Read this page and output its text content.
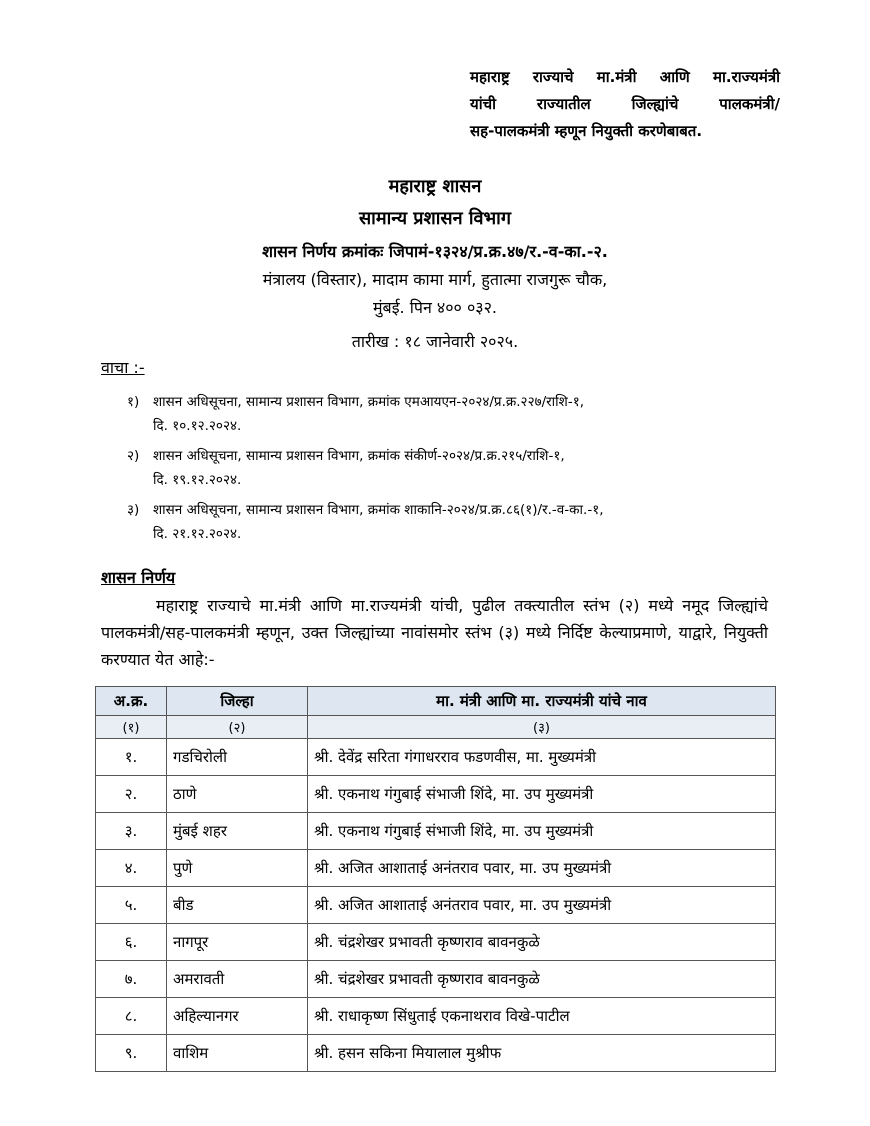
महाराष्ट्र राज्याचे मा.मंत्री आणि मा.राज्यमंत्री
यांची राज्यातील जिल्ह्यांचे पालकमंत्री/
सह-पालकमंत्री म्हणून नियुक्ती करणेबाबत.
महाराष्ट्र शासन
सामान्य प्रशासन विभाग
शासन निर्णय क्रमांकः जिपामं-१३२४/प्र.क्र.४७/र.-व-का.-२.
मंत्रालय (विस्तार), मादाम कामा मार्ग, हुतात्मा राजगुरू चौक,
मुंबई. पिन ४०० ०३२.
तारीख : १८ जानेवारी २०२५.
वाचा :-
१)	शासन अधिसूचना, सामान्य प्रशासन विभाग, क्रमांक एमआयएन-२०२४/प्र.क्र.२२७/राशि-१,
दि. १०.१२.२०२४.
२)	शासन अधिसूचना, सामान्य प्रशासन विभाग, क्रमांक संकीर्ण-२०२४/प्र.क्र.२१५/राशि-१,
दि. १९.१२.२०२४.
३)	शासन अधिसूचना, सामान्य प्रशासन विभाग, क्रमांक शाकानि-२०२४/प्र.क्र.८६(१)/र.-व-का.-१,
दि. २१.१२.२०२४.
शासन निर्णय
महाराष्ट्र राज्याचे मा.मंत्री आणि मा.राज्यमंत्री यांची, पुढील तक्त्यातील स्तंभ (२) मध्ये नमूद जिल्ह्यांचे पालकमंत्री/सह-पालकमंत्री म्हणून, उक्त जिल्ह्यांच्या नावांसमोर स्तंभ (३) मध्ये निर्दिष्ट केल्याप्रमाणे, याद्वारे, नियुक्ती करण्यात येत आहे:-
अ.क्र.	जिल्हा	मा. मंत्री आणि मा. राज्यमंत्री यांचे नाव
(१)	(२)	(३)
१.	गडचिरोली	श्री. देवेंद्र सरिता गंगाधरराव फडणवीस, मा. मुख्यमंत्री
२.	ठाणे	श्री. एकनाथ गंगुबाई संभाजी शिंदे, मा. उप मुख्यमंत्री
३.	मुंबई शहर	श्री. एकनाथ गंगुबाई संभाजी शिंदे, मा. उप मुख्यमंत्री
४.	पुणे	श्री. अजित आशाताई अनंतराव पवार, मा. उप मुख्यमंत्री
५.	बीड	श्री. अजित आशाताई अनंतराव पवार, मा. उप मुख्यमंत्री
६.	नागपूर	श्री. चंद्रशेखर प्रभावती कृष्णराव बावनकुळे
७.	अमरावती	श्री. चंद्रशेखर प्रभावती कृष्णराव बावनकुळे
८.	अहिल्यानगर	श्री. राधाकृष्ण सिंधुताई एकनाथराव विखे-पाटील
९.	वाशिम	श्री. हसन सकिना मियालाल मुश्रीफ
